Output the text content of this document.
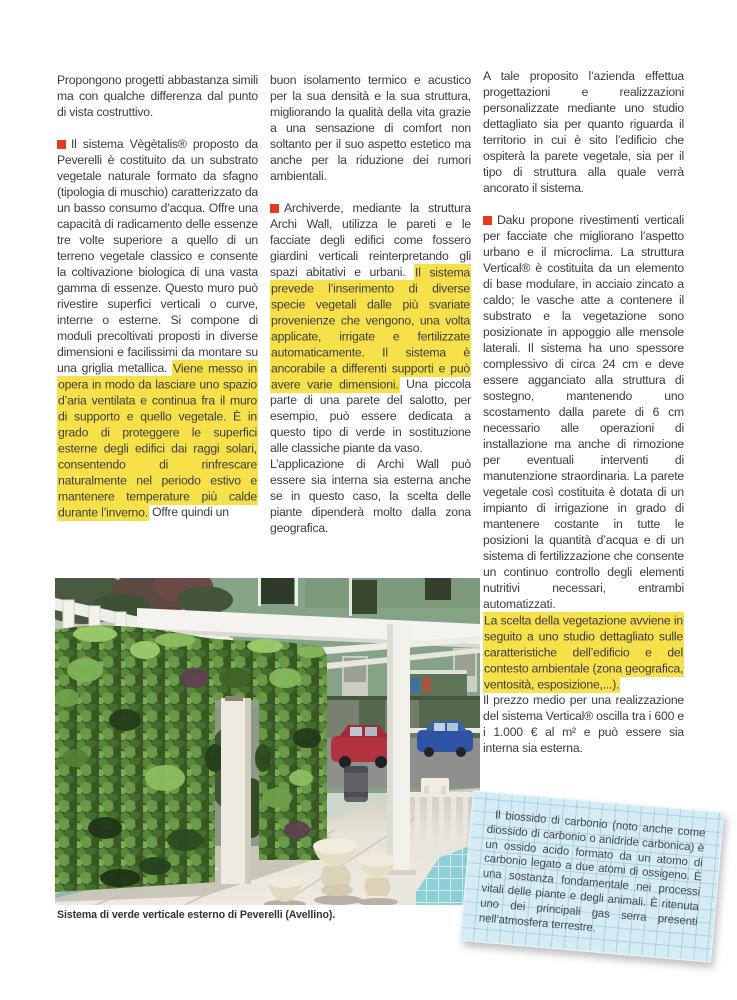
Propongono progetti abbastanza simili ma con qualche differenza dal punto di vista costruttivo.

Il sistema Vègètalis® proposto da Peverelli è costituito da un substrato vegetale naturale formato da sfagno (tipologia di muschio) caratterizzato da un basso consumo d’acqua. Offre una capacità di radicamento delle essenze tre volte superiore a quello di un terreno vegetale classico e consente la coltivazione biologica di una vasta gamma di essenze. Questo muro può rivestire superfici verticali o curve, interne o esterne. Si compone di moduli precoltivati proposti in diverse dimensioni e facilissimi da montare su una griglia metallica. Viene messo in opera in modo da lasciare uno spazio d’aria ventilata e continua fra il muro di supporto e quello vegetale. È in grado di proteggere le superfici esterne degli edifici dai raggi solari, consentendo di rinfrescare naturalmente nel periodo estivo e mantenere temperature più calde durante l’inverno. Offre quindi un

buon isolamento termico e acustico per la sua densità e la sua struttura, migliorando la qualità della vita grazie a una sensazione di comfort non soltanto per il suo aspetto estetico ma anche per la riduzione dei rumori ambientali.

Archiverde, mediante la struttura Archi Wall, utilizza le pareti e le facciate degli edifici come fossero giardini verticali reinterpretando gli spazi abitativi e urbani. Il sistema prevede l’inserimento di diverse specie vegetali dalle più svariate provenienze che vengono, una volta applicate, irrigate e fertilizzate automaticamente. Il sistema è ancorabile a differenti supporti e può avere varie dimensioni. Una piccola parte di una parete del salotto, per esempio, può essere dedicata a questo tipo di verde in sostituzione alle classiche piante da vaso.

L’applicazione di Archi Wall può essere sia interna sia esterna anche se in questo caso, la scelta delle piante dipenderà molto dalla zona geografica.

A tale proposito l’azienda effettua progettazioni e realizzazioni personalizzate mediante uno studio dettagliato sia per quanto riguarda il territorio in cui è sito l’edificio che ospiterà la parete vegetale, sia per il tipo di struttura alla quale verrà ancorato il sistema.

Daku propone rivestimenti verticali per facciate che migliorano l’aspetto urbano e il microclima. La struttura Vertical® è costituita da un elemento di base modulare, in acciaio zincato a caldo; le vasche atte a contenere il substrato e la vegetazione sono posizionate in appoggio alle mensole laterali. Il sistema ha uno spessore complessivo di circa 24 cm e deve essere agganciato alla struttura di sostegno, mantenendo uno scostamento dalla parete di 6 cm necessario alle operazioni di installazione ma anche di rimozione per eventuali interventi di manutenzione straordinaria. La parete vegetale così costituita è dotata di un impianto di irrigazione in grado di mantenere costante in tutte le posizioni la quantità d’acqua e di un sistema di fertilizzazione che consente un continuo controllo degli elementi nutritivi necessari, entrambi automatizzati.

La scelta della vegetazione avviene in seguito a uno studio dettagliato sulle caratteristiche dell’edificio e del contesto ambientale (zona geografica, ventosità, esposizione,...).

Il prezzo medio per una realizzazione del sistema Vertical® oscilla tra i 600 e i 1.000 € al m² e può essere sia interna sia esterna.

Sistema di verde verticale esterno di Peverelli (Avellino).

Il biossido di carbonio (noto anche come diossido di carbonio o anidride carbonica) è un ossido acido formato da un atomo di carbonio legato a due atomi di ossigeno. È una sostanza fondamentale nei processi vitali delle piante e degli animali. È ritenuta uno dei principali gas serra presenti nell’atmosfera terrestre.
